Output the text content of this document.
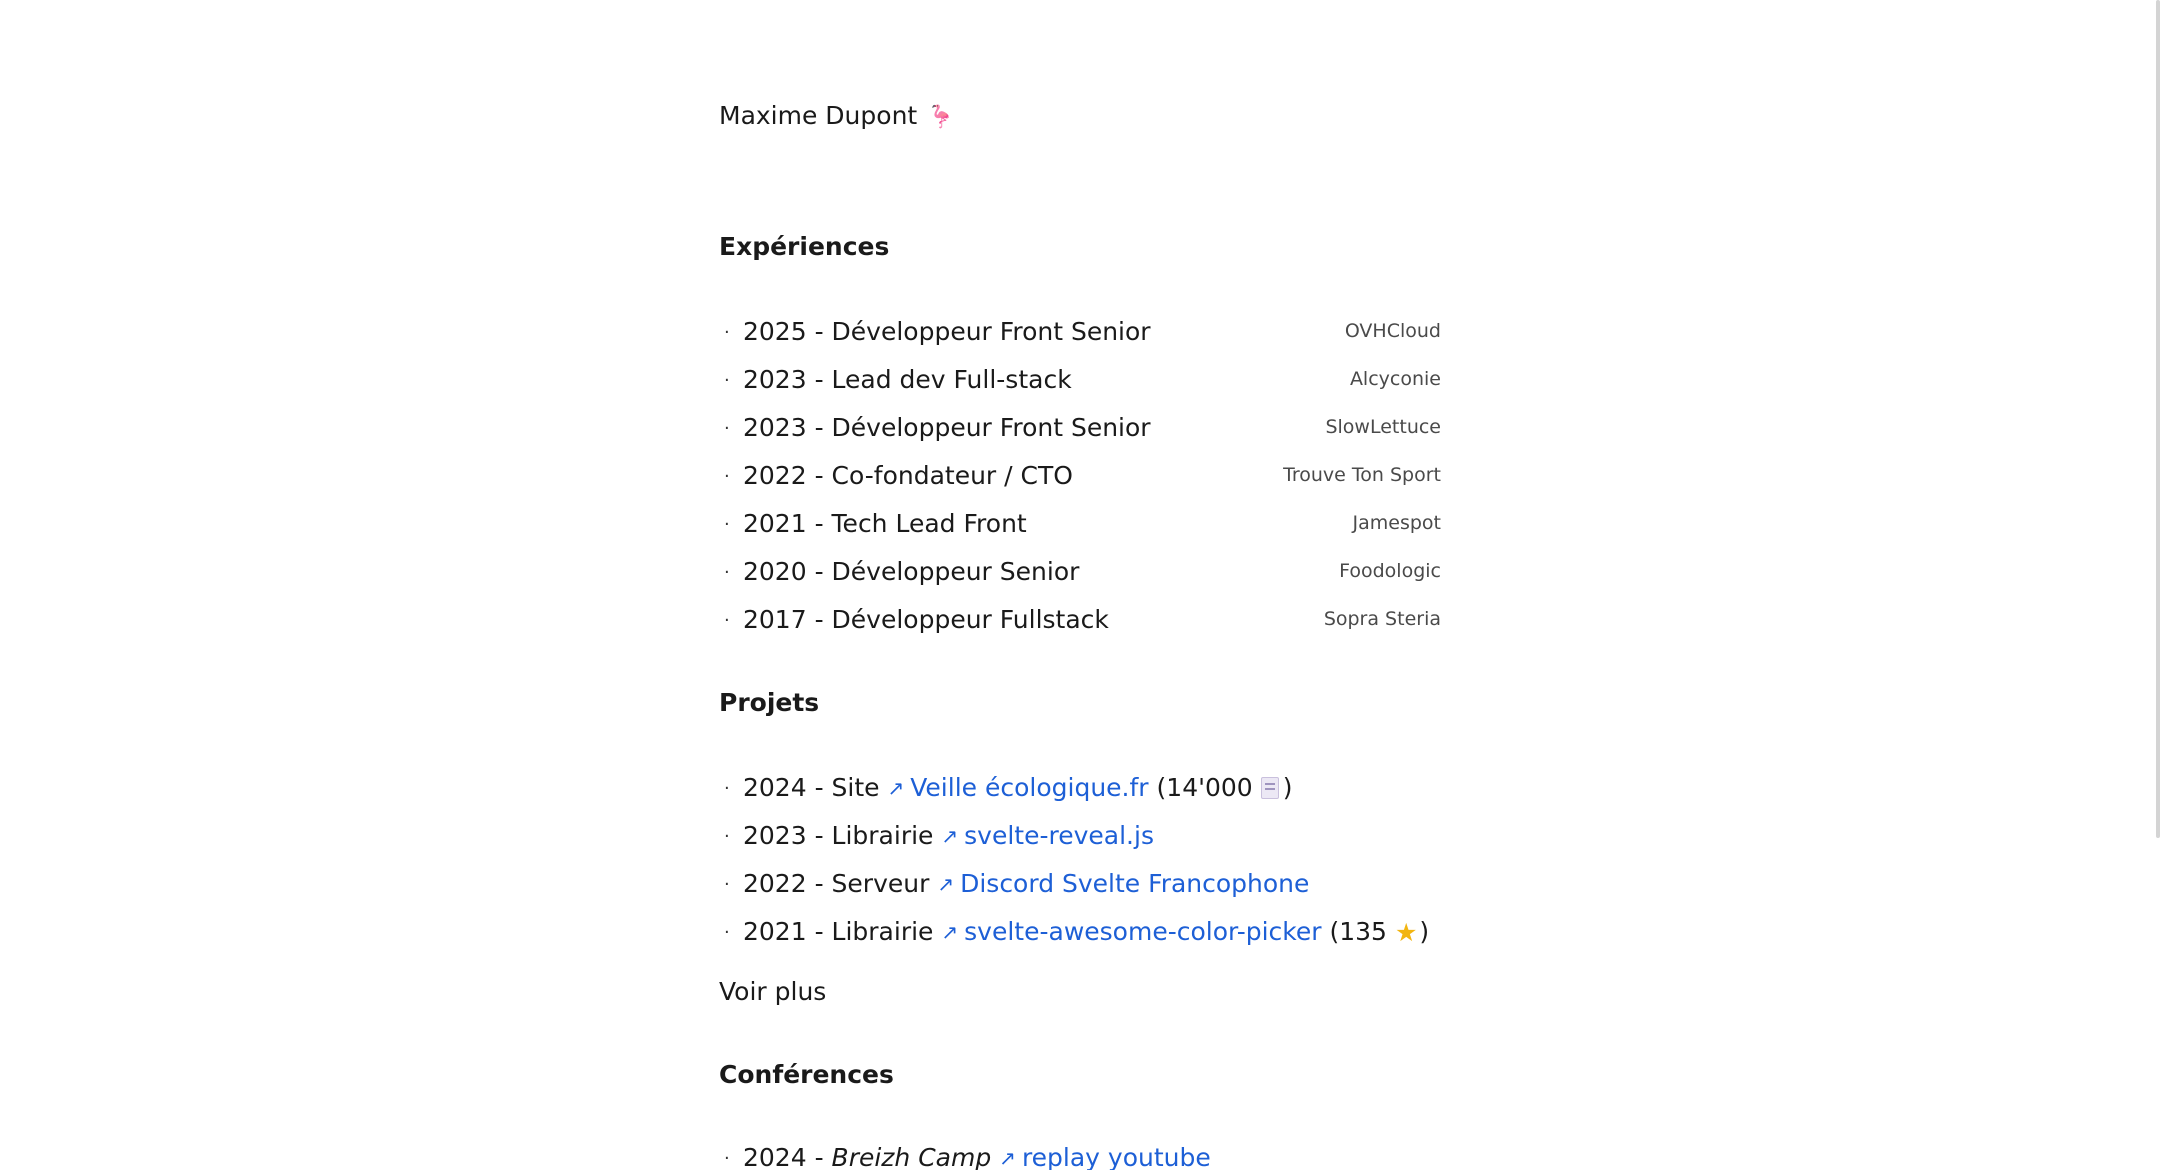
Maxime Dupont 🦩
Expériences
· 2025 - Développeur Front Senior	OVHCloud
· 2023 - Lead dev Full-stack	Alcyconie
· 2023 - Développeur Front Senior	SlowLettuce
· 2022 - Co-fondateur / CTO	Trouve Ton Sport
· 2021 - Tech Lead Front	Jamespot
· 2020 - Développeur Senior	Foodologic
· 2017 - Développeur Fullstack	Sopra Steria
Projets
· 2024 - Site ↗ Veille écologique.fr (14'000 )
· 2023 - Librairie ↗ svelte-reveal.js
· 2022 - Serveur ↗ Discord Svelte Francophone
· 2021 - Librairie ↗ svelte-awesome-color-picker (135 ★)
Voir plus
Conférences
· 2024 - Breizh Camp ↗ replay youtube
